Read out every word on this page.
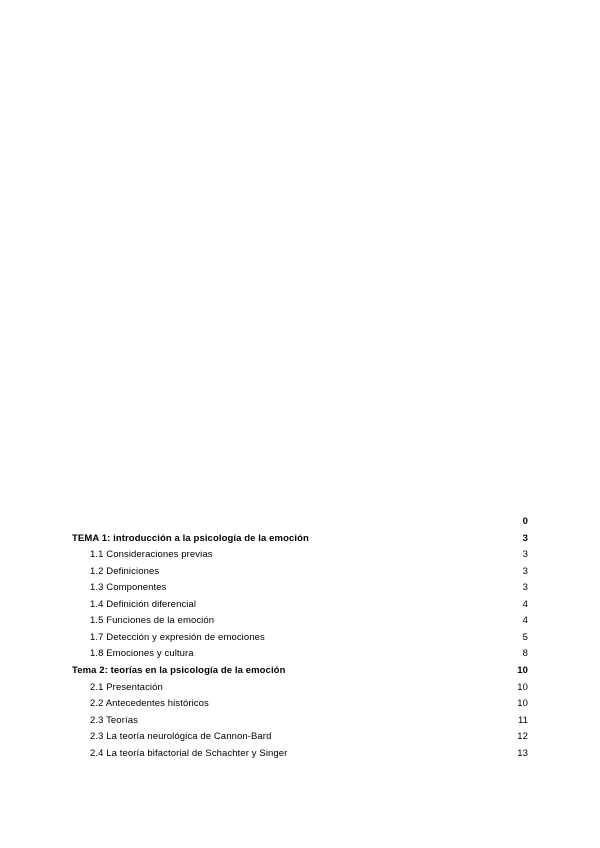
0
TEMA 1: introducción a la psicología de la emoción	3
1.1 Consideraciones previas	3
1.2 Definiciones	3
1.3 Componentes	3
1.4 Definición diferencial	4
1.5 Funciones de la emoción	4
1.7 Detección y expresión de emociones	5
1.8 Emociones y cultura	8
Tema 2: teorías en la psicología de la emoción	10
2.1 Presentación	10
2.2 Antecedentes históricos	10
2.3 Teorías	11
2.3 La teoría neurológica de Cannon-Bard	12
2.4 La teoría bifactorial de Schachter y Singer	13
